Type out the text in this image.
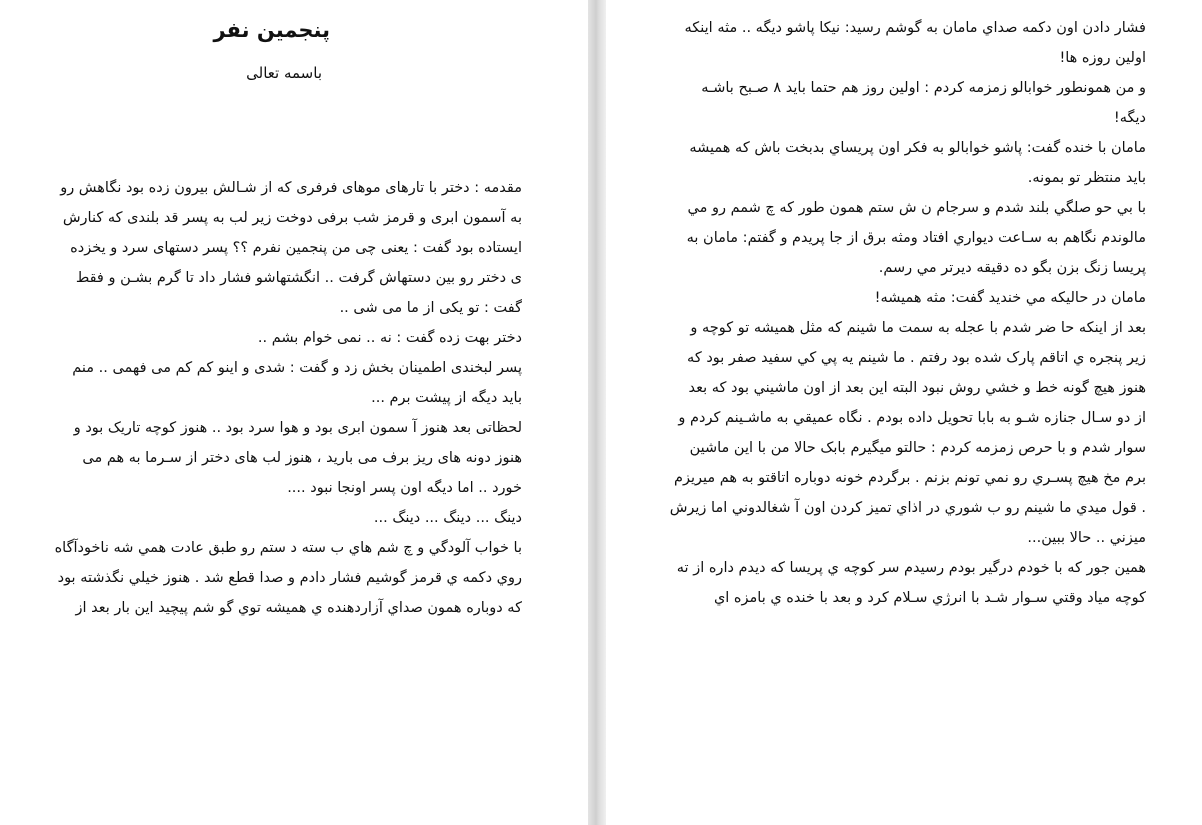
پنجمین نفر
باسمه تعالی
مقدمه : دختر با تارهای موهای فرفری که از شـالش بیرون زده بود نگاهش رو
به آسمون ابری و قرمز شب برفی دوخت زیر لب به پسر قد بلندی که کنارش
ایستاده بود گفت : یعنی چی من پنجمین نفرم ؟؟ پسر دستهای سرد و یخزده
ی دختر رو بین دستهاش گرفت .. انگشتهاشو فشار داد تا گرم بشـن و فقط
گفت : تو یکی از ما می شی ..
دختر بهت زده گفت : نه .. نمی خوام بشم ..
پسر لبخندی اطمینان بخش زد و گفت : شدی و اینو کم کم می فهمی .. منم
باید دیگه از پیشت برم ...
لحظاتی بعد هنوز آ سمون ابری بود و هوا سرد بود .. هنوز کوچه تاریک بود و
هنوز دونه های ریز برف می بارید ، هنوز لب های دختر از سـرما به هم می
خورد .. اما دیگه اون پسر اونجا نبود ....
دینگ ... دینگ ... دینگ ...
با خواب آلودگي و چ شم هاي ب سته د ستم رو طبق عادت همي شه ناخودآگاه
روي دکمه ي قرمز گوشيم فشار دادم و صدا قطع شد . هنوز خيلي نگذشته بود
که دوباره همون صداي آزاردهنده ي هميشه توي گو شم پيچيد اين بار بعد از
فشار دادن اون دکمه صداي مامان به گوشم رسيد: نيکا پاشو ديگه .. مثه اينکه
اولين روزه ها!
و من همونطور خوابالو زمزمه کردم : اولين روز هم حتما بايد ۸ صـبح باشـه
ديگه!
مامان با خنده گفت: پاشو خوابالو به فکر اون پريساي بدبخت باش که هميشه
بايد منتظر تو بمونه.
با بي حو صلگي بلند شدم و سرجام ن ش ستم همون طور که چ شمم رو مي
مالوندم نگاهم به سـاعت ديواري افتاد ومثه برق از جا پريدم و گفتم: مامان به
پريسا زنگ بزن بگو ده دقيقه ديرتر مي رسم.
مامان در حاليکه مي خنديد گفت: مثه هميشه!
بعد از اينکه حا ضر شدم با عجله به سمت ما شينم که مثل هميشه تو کوچه و
زير پنجره ي اتاقم پارک شده بود رفتم . ما شينم يه پي کي سفيد صفر بود که
هنوز هيچ گونه خط و خشي روش نبود البته اين بعد از اون ماشيني بود که بعد
از دو سـال جنازه شـو به بابا تحويل داده بودم . نگاه عميقي به ماشـينم کردم و
سوار شدم و با حرص زمزمه کردم : حالتو ميگيرم بابک حالا من با اين ماشين
برم مخ هيچ پسـري رو نمي تونم بزنم . برگردم خونه دوباره اتاقتو به هم ميريزم
. قول ميدي ما شينم رو ب شوري در اذاي تميز کردن اون آ شغالدوني اما زيرش
ميزني .. حالا ببين...
همين جور که با خودم درگير بودم رسيدم سر کوچه ي پريسا که ديدم داره از ته
کوچه مياد وقتي سـوار شـد با انرژي سـلام کرد و بعد با خنده ي بامزه اي
